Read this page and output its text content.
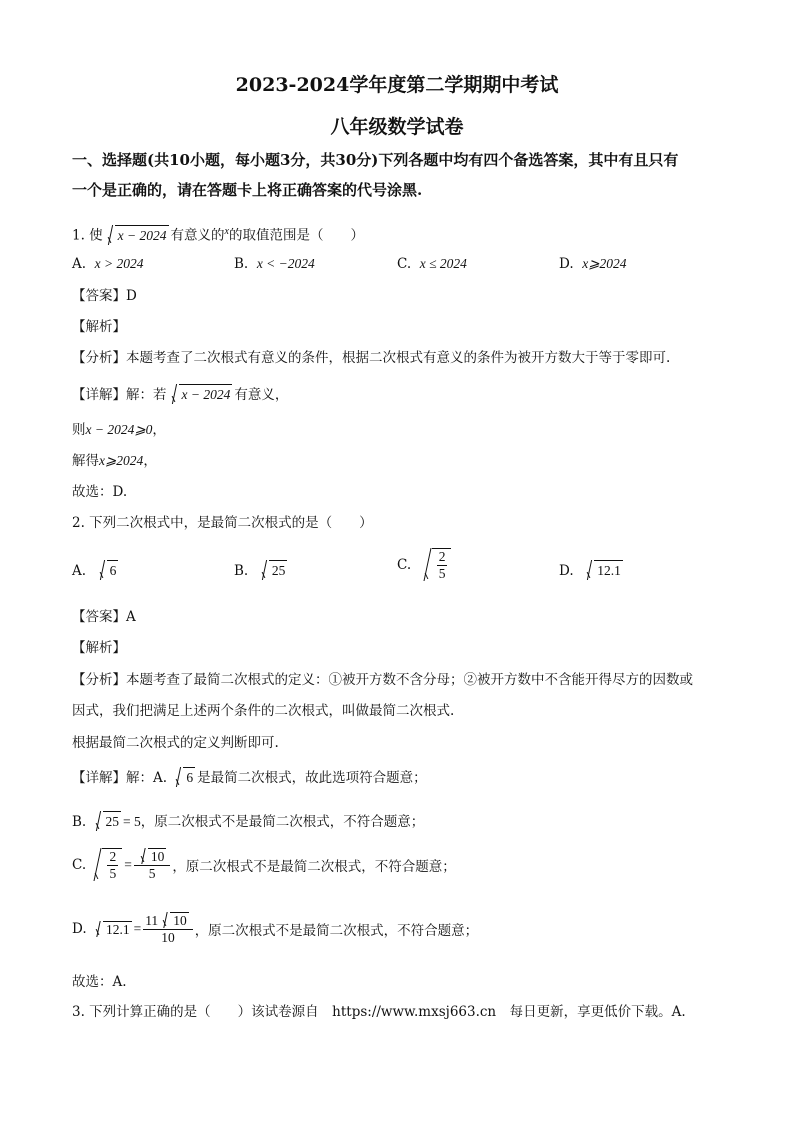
2023-2024学年度第二学期期中考试
八年级数学试卷
一、选择题(共10小题，每小题3分，共30分)下列各题中均有四个备选答案，其中有且只有
一个是正确的，请在答题卡上将正确答案的代号涂黑.
1. 使 x − 2024 有意义的$^x$的取值范围是（　　）
A. x > 2024	B. x < −2024	C. x ≤ 2024	D. x⩾2024
【答案】D
【解析】
【分析】本题考查了二次根式有意义的条件，根据二次根式有意义的条件为被开方数大于等于零即可.
【详解】解：若 x − 2024 有意义，
则x − 2024⩾0，
解得x⩾2024，
故选：D.
2. 下列二次根式中，是最简二次根式的是（　　）
A. 6	B. 25	C. $\frac{2}{5}$	D. 12.1
【答案】A
【解析】
【分析】本题考查了最简二次根式的定义：①被开方数不含分母；②被开方数中不含能开得尽方的因数或
因式，我们把满足上述两个条件的二次根式，叫做最简二次根式.
根据最简二次根式的定义判断即可.
【详解】解：A. 6 是最简二次根式，故此选项符合题意；
B. 25 = 5，原二次根式不是最简二次根式，不符合题意；
C. $\frac{2}{5} = \frac{10}{5}$ ，原二次根式不是最简二次根式，不符合题意；
D. $12.1 = \frac{11 10}{10}$ ，原二次根式不是最简二次根式，不符合题意；
故选：A.
3. 下列计算正确的是（　　）该试卷源自　https://www.mxsj663.cn　每日更新，享更低价下载。A.
